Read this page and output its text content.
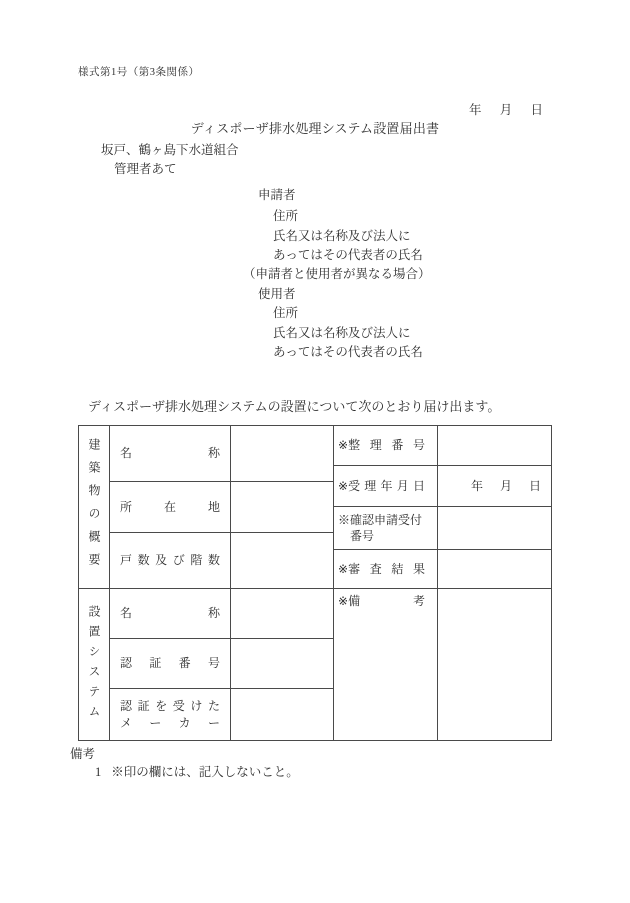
様式第1号（第3条関係）
年 月 日
ディスポーザ排水処理システム設置届出書
坂戸、鶴ヶ島下水道組合
管理者あて
申請者
住所
氏名又は名称及び法人に
あってはその代表者の氏名
（申請者と使用者が異なる場合）
使用者
住所
氏名又は名称及び法人に
あってはその代表者の氏名
ディスポーザ排水処理システムの設置について次のとおり届け出ます。
建築物の概要
設置システム
名称
所在地
戸数及び階数
名称
認証番号
認証を受けた
メーカー
※ 整理番号
※ 受理年月日
※確認申請受付
番号
※ 審査結果
年 月 日
※ 備考
備考
1 ※印の欄には、記入しないこと。
